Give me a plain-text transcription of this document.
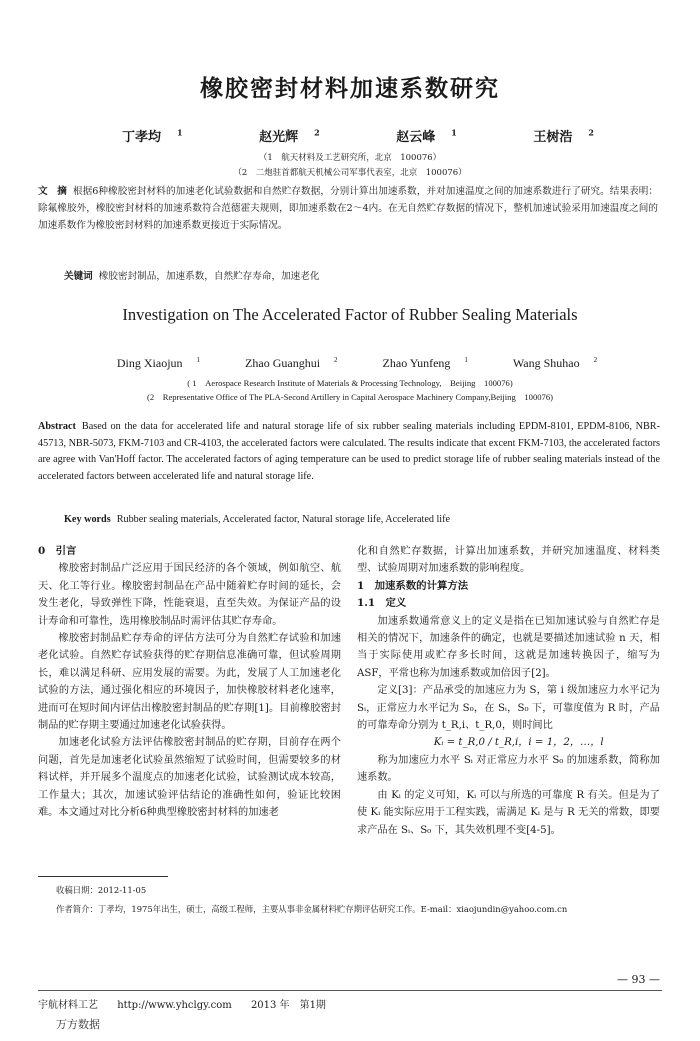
橡胶密封材料加速系数研究
丁孝均 $^1$	赵光辉 $^2$	赵云峰 $^1$	王树浩 $^2$
（1　航天材料及工艺研究所，北京　100076）
（2　二炮驻首都航天机械公司军事代表室，北京　100076）
文　摘 根据6种橡胶密封材料的加速老化试验数据和自然贮存数据，分别计算出加速系数，并对加速温度之间的加速系数进行了研究。结果表明：除氟橡胶外，橡胶密封材料的加速系数符合范德霍夫规则，即加速系数在2～4内。在无自然贮存数据的情况下，整机加速试验采用加速温度之间的加速系数作为橡胶密封材料的加速系数更接近于实际情况。
关键词 橡胶密封制品，加速系数，自然贮存寿命，加速老化
Investigation on The Accelerated Factor of Rubber Sealing Materials
Ding Xiaojun $^1$	Zhao Guanghui $^2$	Zhao Yunfeng $^1$	Wang Shuhao $^2$
( 1　Aerospace Research Institute of Materials & Processing Technology,　Beijing　100076)
(2　Representative Office of The PLA-Second Artillery in Capital Aerospace Machinery Company,Beijing　100076)
Abstract Based on the data for accelerated life and natural storage life of six rubber sealing materials including EPDM-8101, EPDM-8106, NBR-45713, NBR-5073, FKM-7103 and CR-4103, the accelerated factors were calculated. The results indicate that excent FKM-7103, the accelerated factors are agree with Van'Hoff factor. The accelerated factors of aging temperature can be used to predict storage life of rubber sealing materials instead of the accelerated factors between accelerated life and natural storage life.
Key words Rubber sealing materials, Accelerated factor, Natural storage life, Accelerated life
0　引言

橡胶密封制品广泛应用于国民经济的各个领域，例如航空、航天、化工等行业。橡胶密封制品在产品中随着贮存时间的延长，会发生老化，导致弹性下降，性能衰退，直至失效。为保证产品的设计寿命和可靠性，选用橡胶制品时需评估其贮存寿命。

橡胶密封制品贮存寿命的评估方法可分为自然贮存试验和加速老化试验。自然贮存试验获得的贮存期信息准确可靠，但试验周期长，难以满足科研、应用发展的需要。为此，发展了人工加速老化试验的方法，通过强化相应的环境因子，加快橡胶材料老化速率，进而可在短时间内评估出橡胶密封制品的贮存期[1]。目前橡胶密封制品的贮存期主要通过加速老化试验获得。

加速老化试验方法评估橡胶密封制品的贮存期，目前存在两个问题，首先是加速老化试验虽然缩短了试验时间，但需要较多的材料试样，并开展多个温度点的加速老化试验，试验测试成本较高，工作量大；其次，加速试验评估结论的准确性如何，验证比较困难。本文通过对比分析6种典型橡胶密封材料的加速老

化和自然贮存数据，计算出加速系数，并研究加速温度、材料类型、试验周期对加速系数的影响程度。

1　加速系数的计算方法
1.1　定义

加速系数通常意义上的定义是指在已知加速试验与自然贮存是相关的情况下，加速条件的确定，也就是要描述加速试验 n 天，相当于实际使用或贮存多长时间，这就是加速转换因子，缩写为 ASF，平常也称为加速系数或加倍因子[2]。

定义[3]：产品承受的加速应力为 S，第 i 级加速应力水平记为 Sᵢ，正常应力水平记为 S₀，在 Sᵢ，S₀ 下，可靠度值为 R 时，产品的可靠寿命分别为 t_R,i、t_R,0，则时间比

Kᵢ = t_R,0 / t_R,i，i = 1，2，…，l

称为加速应力水平 Sᵢ 对正常应力水平 S₀ 的加速系数，简称加速系数。

由 Kᵢ 的定义可知，Kᵢ 可以与所选的可靠度 R 有关。但是为了使 Kᵢ 能实际应用于工程实践，需满足 Kᵢ 是与 R 无关的常数，即要求产品在 Sᵢ、S₀ 下，其失效机理不变[4-5]。

收稿日期：2012-11-05
作者简介：丁孝均，1975年出生，硕士，高级工程师，主要从事非金属材料贮存期评估研究工作。E-mail：xiaojundin@yahoo.com.cn
— 93 —
宇航材料工艺 http://www.yhclgy.com 2013 年　第1期
万方数据
